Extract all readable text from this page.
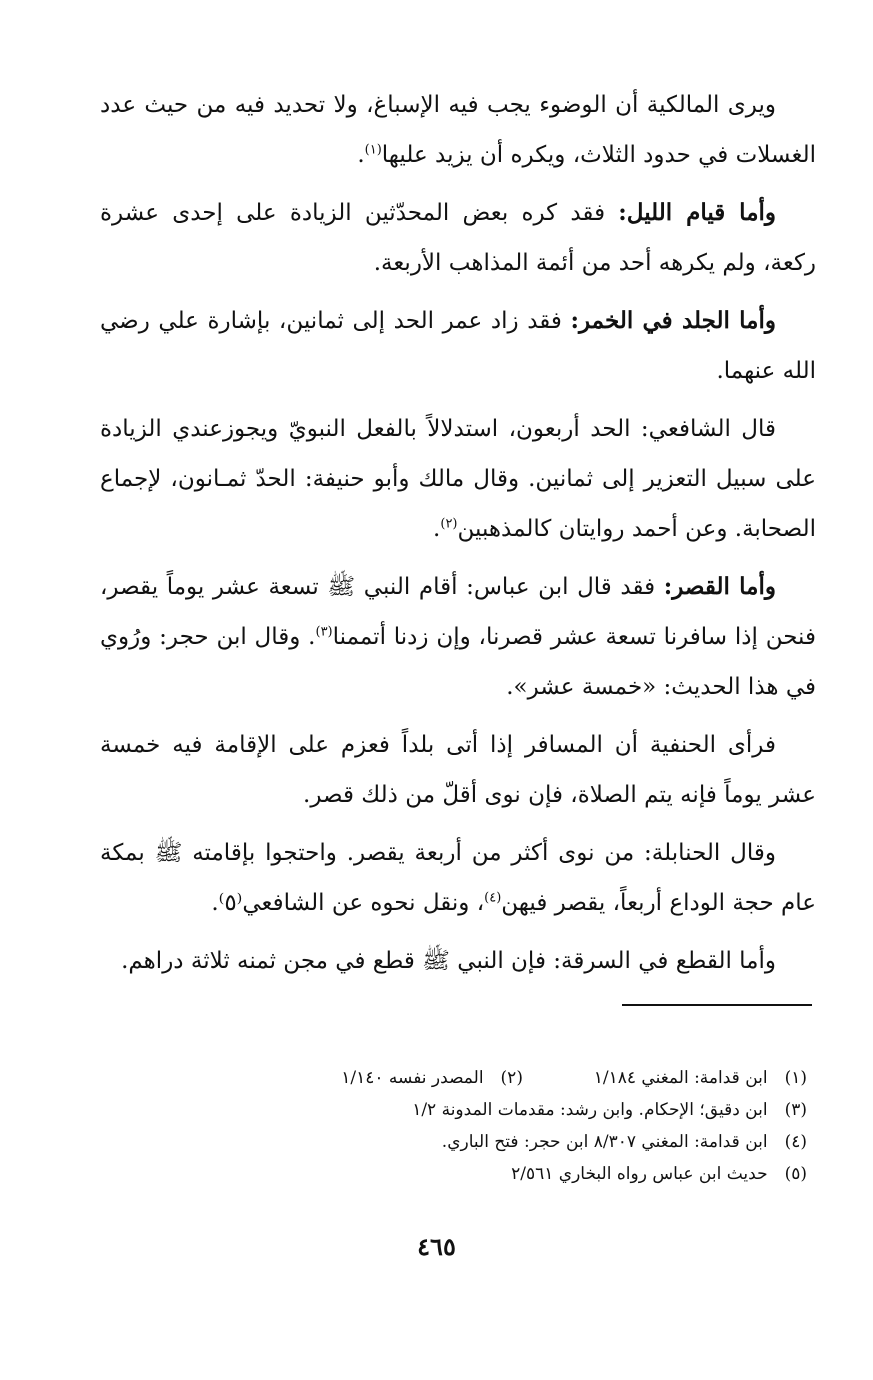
ويرى المالكية أن الوضوء يجب فيه الإسباغ، ولا تحديد فيه من حيث عدد الغسلات في حدود الثلاث، ويكره أن يزيد عليها$^{(١)}$.

وأما قيام الليل: فقد كره بعض المحدّثين الزيادة على إحدى عشرة ركعة، ولم يكرهه أحد من أئمة المذاهب الأربعة.

وأما الجلد في الخمر: فقد زاد عمر الحد إلى ثمانين، بإشارة علي رضي الله عنهما.

قال الشافعي: الحد أربعون، استدلالاً بالفعل النبويّ ويجوزعندي الزيادة على سبيل التعزير إلى ثمانين. وقال مالك وأبو حنيفة: الحدّ ثمـانون، لإجماع الصحابة. وعن أحمد روايتان كالمذهبين$^{(٢)}$.

وأما القصر: فقد قال ابن عباس: أقام النبي ﷺ تسعة عشر يوماً يقصر، فنحن إذا سافرنا تسعة عشر قصرنا، وإن زدنا أتممنا$^{(٣)}$. وقال ابن حجر: ورُوي في هذا الحديث: «خمسة عشر».

فرأى الحنفية أن المسافر إذا أتى بلداً فعزم على الإقامة فيه خمسة عشر يوماً فإنه يتم الصلاة، فإن نوى أقلّ من ذلك قصر.

وقال الحنابلة: من نوى أكثر من أربعة يقصر. واحتجوا بإقامته ﷺ بمكة عام حجة الوداع أربعاً، يقصر فيهن$^{(٤)}$، ونقل نحوه عن الشافعي⁽٥⁾.

وأما القطع في السرقة: فإن النبي ﷺ قطع في مجن ثمنه ثلاثة دراهم.

(١) ابن قدامة: المغني ١/١٨٤  (٢) المصدر نفسه ١/١٤٠
(٣) ابن دقيق؛ الإحكام. وابن رشد: مقدمات المدونة ١/٢
(٤) ابن قدامة: المغني ٨/٣٠٧ ابن حجر: فتح الباري.
(٥) حديث ابن عباس رواه البخاري ٢/٥٦١
٤٦٥
